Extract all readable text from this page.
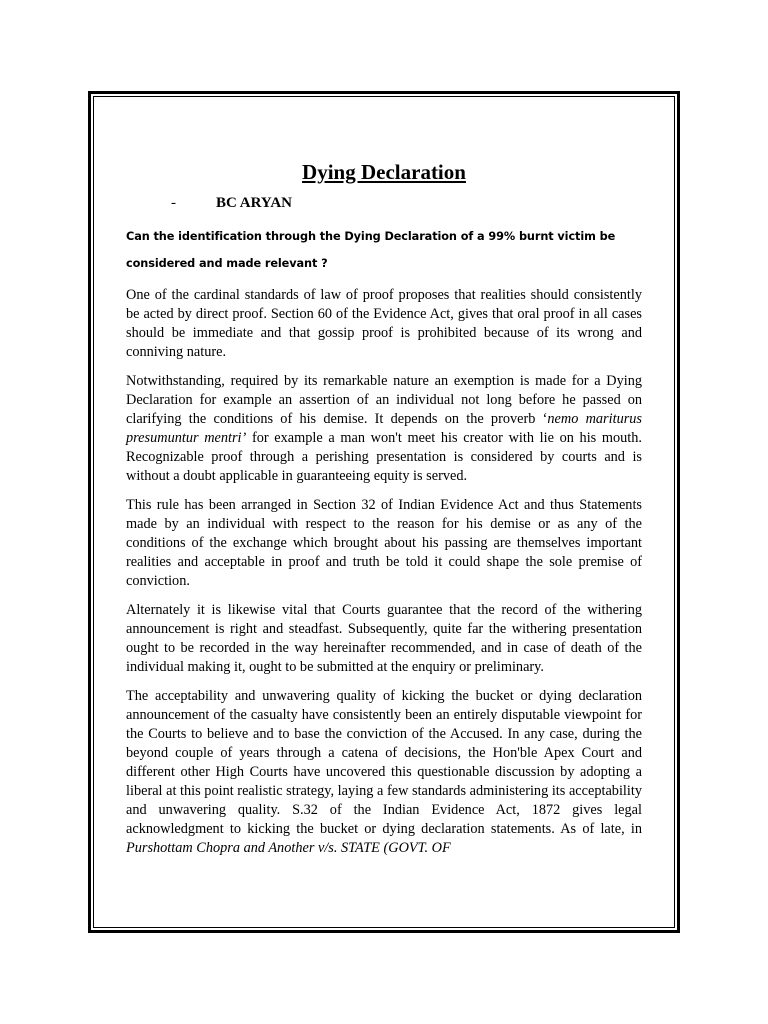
Dying Declaration
-	BC ARYAN
Can the identification through the Dying Declaration of a 99% burnt victim be considered and made relevant ?

One of the cardinal standards of law of proof proposes that realities should consistently be acted by direct proof. Section 60 of the Evidence Act, gives that oral proof in all cases should be immediate and that gossip proof is prohibited because of its wrong and conniving nature.

Notwithstanding, required by its remarkable nature an exemption is made for a Dying Declaration for example an assertion of an individual not long before he passed on clarifying the conditions of his demise. It depends on the proverb ‘nemo mariturus presumuntur mentri’ for example a man won't meet his creator with lie on his mouth. Recognizable proof through a perishing presentation is considered by courts and is without a doubt applicable in guaranteeing equity is served.

This rule has been arranged in Section 32 of Indian Evidence Act and thus Statements made by an individual with respect to the reason for his demise or as any of the conditions of the exchange which brought about his passing are themselves important realities and acceptable in proof and truth be told it could shape the sole premise of conviction.

Alternately it is likewise vital that Courts guarantee that the record of the withering announcement is right and steadfast. Subsequently, quite far the withering presentation ought to be recorded in the way hereinafter recommended, and in case of death of the individual making it, ought to be submitted at the enquiry or preliminary.

The acceptability and unwavering quality of kicking the bucket or dying declaration announcement of the casualty have consistently been an entirely disputable viewpoint for the Courts to believe and to base the conviction of the Accused. In any case, during the beyond couple of years through a catena of decisions, the Hon'ble Apex Court and different other High Courts have uncovered this questionable discussion by adopting a liberal at this point realistic strategy, laying a few standards administering its acceptability and unwavering quality. S.32 of the Indian Evidence Act, 1872 gives legal acknowledgment to kicking the bucket or dying declaration statements. As of late, in Purshottam Chopra and Another v/s. STATE (GOVT. OF
